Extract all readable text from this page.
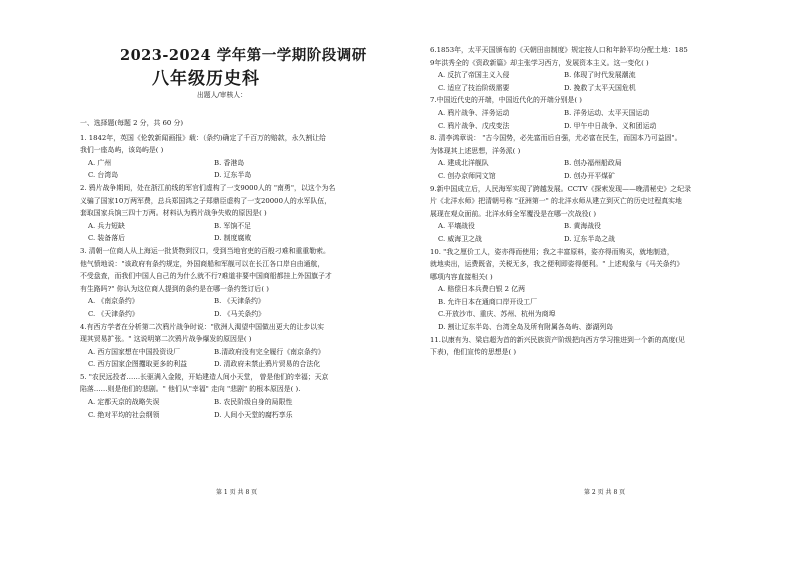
2023-2024 学年第一学期阶段调研
八年级历史科
出题人/审核人：
一、选择题(每题 2 分，共 60 分)
1. 1842年，英国《伦敦新闻画报》载：（条约)确定了千百万的赔款，永久割让给
我们一座岛屿，该岛屿是( )
A. 广州	B. 香港岛
C. 台湾岛	D. 辽东半岛
2. 鸦片战争期间，处在浙江前线的军官们虚构了一支9000人的 "南勇"，以这个为名
义骗了国家10万两军费，总兵郑国鸿之子郑鼎臣虚构了一支20000人的水军队伍，
套取国家兵饷三四十万两。材料认为鸦片战争失败的原因是( )
A. 兵力短缺	B. 军饷不足
C. 装备落后	D. 制度腐败
3. 清朝一位商人从上海运一批货物到汉口，受到当地官吏的百般刁难和重重勒索。
他气愤地说："该政府有条约规定，外国商船和军舰可以在长江各口岸自由通航，
不受盘查，而我们中国人自己的为什么就不行?难道非要中国商船都挂上外国旗子才
有生路吗?" 你认为这位商人提到的条约是在哪一条约签订后( )
A. 《南京条约》	B. 《天津条约》
C. 《天津条约》	D. 《马关条约》
4.有西方学者在分析第二次鸦片战争时说："欧洲人渴望中国做出更大的让步以实
现其贸易扩张。" 这说明第二次鸦片战争爆发的原因是( )
A. 西方国家想在中国投资设厂	B.清政府没有完全履行《南京条约》
C. 西方国家企图攫取更多的利益	D. 清政府未禁止鸦片贸易的合法化
5. "农民远投者……长驱满入金陵，开始建造人间小天堂， 曾是他们的幸福；天京
陷落……则是他们的悲剧。" 他们从"幸福" 走向 "悲剧" 的根本原因是( ).
A. 定都天京的战略失误	B. 农民阶级自身的局限性
C. 绝对平均的社会纲领	D. 人间小天堂的腐朽享乐
第 1 页 共 8 页
6.1853年，太平天国颁布的《天朝田亩制度》规定按人口和年龄平均分配土地：185
9年洪秀全的《资政新篇》却主张学习西方，发展资本主义。这一变化( )
A. 反抗了帝国主义入侵	B. 体现了时代发展潮流
C. 适应了技治阶级需要	D. 挽救了太平天国危机
7.中国近代史的开端，中国近代化的开端分别是( )
A. 鸦片战争、洋务运动	B. 洋务运动、太平天国运动
C. 鸦片战争、戊戌变法	D. 甲午中日战争、义和团运动
8. 清李鸿章说： "古今国势，必先富而后自强，尤必富在民生，而国本乃可益固"。
为体现其上述思想，洋务派( )
A. 建成北洋舰队	B. 创办福州船政局
C. 创办京师同文馆	D. 创办开平煤矿
9.新中国成立后，人民海军实现了跨越发展。CCTV《探索发现——晚清秘史》之纪录
片《北洋水师》把清朝号称 "亚洲第一" 的北洋水师从建立到灭亡的历史过程真实地
展现在观众面前。北洋水师全军覆没是在哪一次战役( )
A. 平壤战役	B. 黄海战役
C. 威海卫之战	D. 辽东半岛之战
10. "我之厘价工人，姿亦得而使用；我之丰富原料，姿亦得而购买，就地制造，
就地卖出，运费既省，关税无多，我之便利即姿得便利。" 上述观象与《马关条约》
哪项内容直接相关( )
A. 赔偿日本兵费白银 2 亿两
B. 允许日本在通商口岸开设工厂
C.开放沙市、重庆、苏州、杭州为商埠
D. 割让辽东半岛、台湾全岛及所有附属各岛屿、澎湖列岛
11.以康有为、梁启超为首的新兴民族资产阶级把向西方学习推进到一个新的高度(见
下表)，他们宣传的思想是( )
第 2 页 共 8 页
